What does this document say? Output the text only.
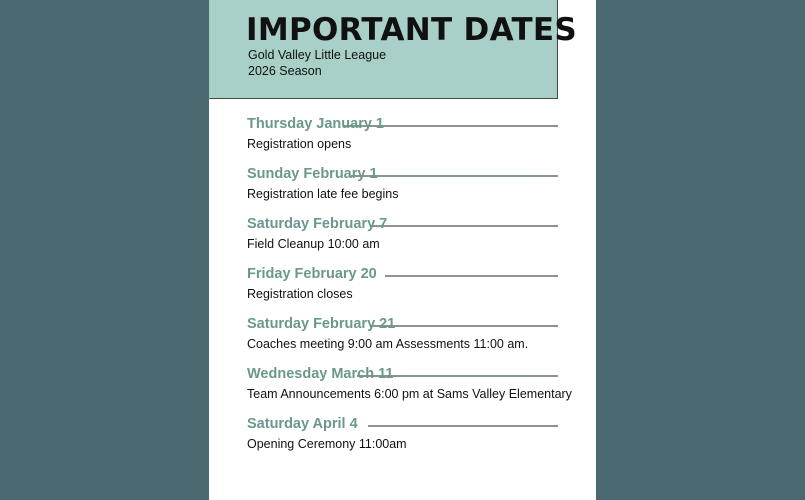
IMPORTANT DATES
Gold Valley Little League
2026 Season
Thursday January 1
Registration opens
Sunday February 1
Registration late fee begins
Saturday February 7
Field Cleanup 10:00 am
Friday February 20
Registration closes
Saturday February 21
Coaches meeting 9:00 am Assessments 11:00 am.
Wednesday March 11
Team Announcements 6:00 pm at Sams Valley Elementary
Saturday April 4
Opening Ceremony 11:00am
